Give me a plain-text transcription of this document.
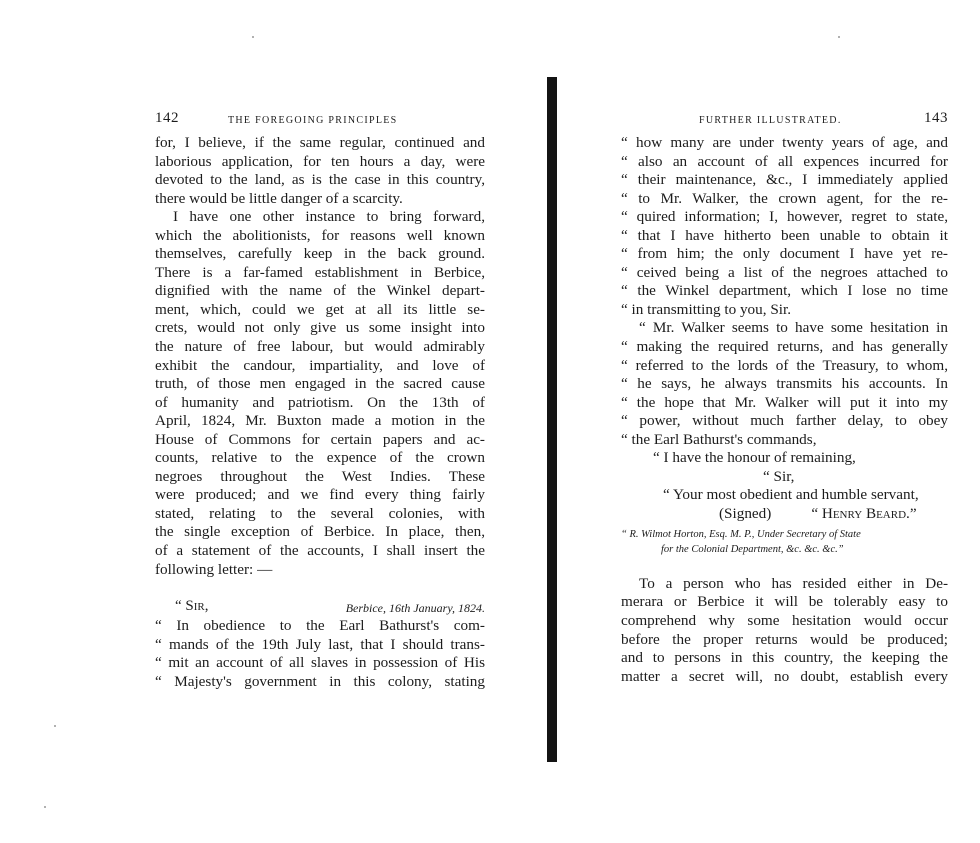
142	THE FOREGOING PRINCIPLES
for, I believe, if the same regular, continued and
laborious application, for ten hours a day, were
devoted to the land, as is the case in this country,
there would be little danger of a scarcity.
I have one other instance to bring forward,
which the abolitionists, for reasons well known
themselves, carefully keep in the back ground.
There is a far-famed establishment in Berbice,
dignified with the name of the Winkel depart-
ment, which, could we get at all its little se-
crets, would not only give us some insight into
the nature of free labour, but would admirably
exhibit the candour, impartiality, and love of
truth, of those men engaged in the sacred cause
of humanity and patriotism. On the 13th of
April, 1824, Mr. Buxton made a motion in the
House of Commons for certain papers and ac-
counts, relative to the expence of the crown
negroes throughout the West Indies. These
were produced; and we find every thing fairly
stated, relating to the several colonies, with
the single exception of Berbice. In place, then,
of a statement of the accounts, I shall insert the
following letter: —
“ Sir,	Berbice, 16th January, 1824.
“ In obedience to the Earl Bathurst's com-
“ mands of the 19th July last, that I should trans-
“ mit an account of all slaves in possession of His
“ Majesty's government in this colony, stating
FURTHER ILLUSTRATED.	143
“ how many are under twenty years of age, and
“ also an account of all expences incurred for
“ their maintenance, &c., I immediately applied
“ to Mr. Walker, the crown agent, for the re-
“ quired information; I, however, regret to state,
“ that I have hitherto been unable to obtain it
“ from him; the only document I have yet re-
“ ceived being a list of the negroes attached to
“ the Winkel department, which I lose no time
“ in transmitting to you, Sir.
“ Mr. Walker seems to have some hesitation in
“ making the required returns, and has generally
“ referred to the lords of the Treasury, to whom,
“ he says, he always transmits his accounts. In
“ the hope that Mr. Walker will put it into my
“ power, without much farther delay, to obey
“ the Earl Bathurst's commands,
“ I have the honour of remaining,
“ Sir,
“ Your most obedient and humble servant,
(Signed)	“ Henry Beard.”
“ R. Wilmot Horton, Esq. M. P., Under Secretary of State
for the Colonial Department, &c. &c. &c.”
To a person who has resided either in De-
merara or Berbice it will be tolerably easy to
comprehend why some hesitation would occur
before the proper returns would be produced;
and to persons in this country, the keeping the
matter a secret will, no doubt, establish every
